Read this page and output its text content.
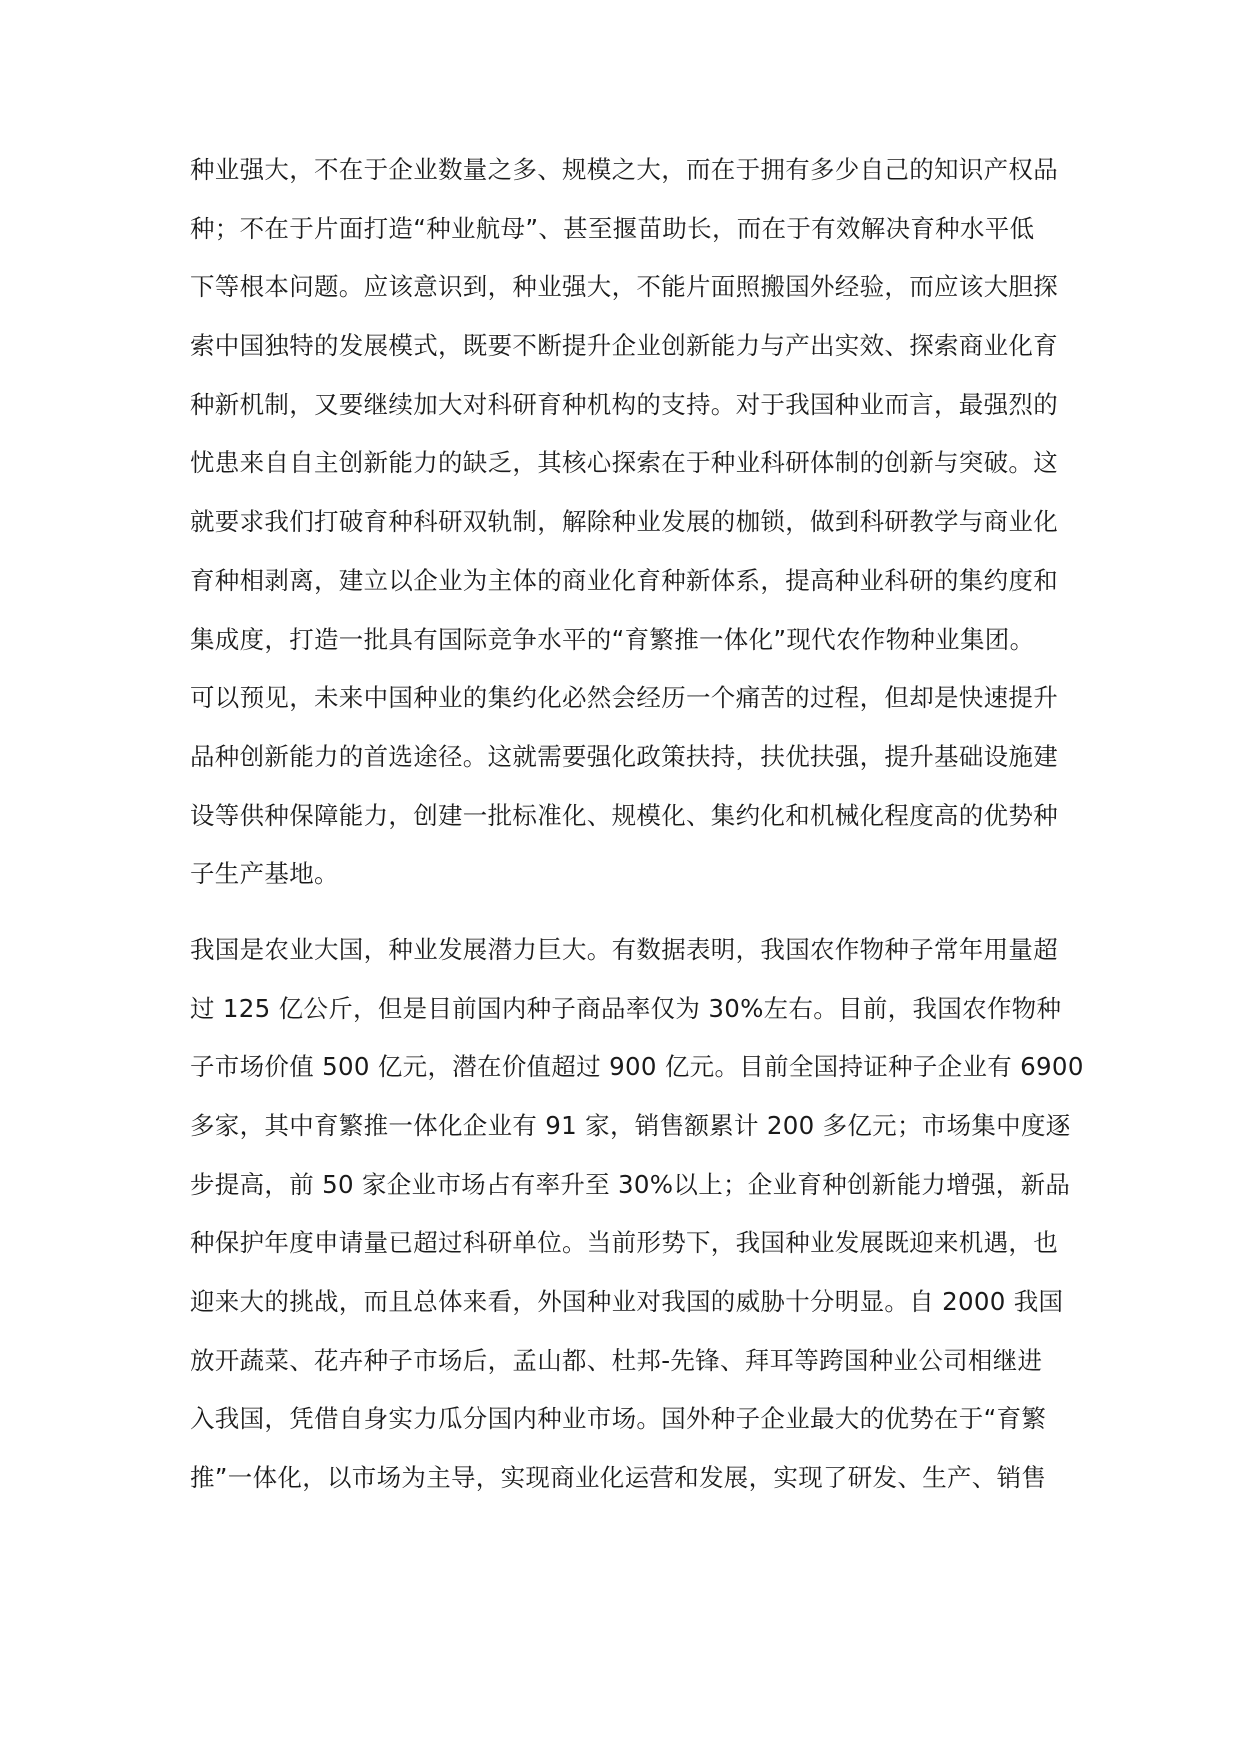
种业强大，不在于企业数量之多、规模之大，而在于拥有多少自己的知识产权品
种；不在于片面打造“种业航母”、甚至揠苗助长，而在于有效解决育种水平低
下等根本问题。应该意识到，种业强大，不能片面照搬国外经验，而应该大胆探
索中国独特的发展模式，既要不断提升企业创新能力与产出实效、探索商业化育
种新机制，又要继续加大对科研育种机构的支持。对于我国种业而言，最强烈的
忧患来自自主创新能力的缺乏，其核心探索在于种业科研体制的创新与突破。这
就要求我们打破育种科研双轨制，解除种业发展的枷锁，做到科研教学与商业化
育种相剥离，建立以企业为主体的商业化育种新体系，提高种业科研的集约度和
集成度，打造一批具有国际竞争水平的“育繁推一体化”现代农作物种业集团。
可以预见，未来中国种业的集约化必然会经历一个痛苦的过程，但却是快速提升
品种创新能力的首选途径。这就需要强化政策扶持，扶优扶强，提升基础设施建
设等供种保障能力，创建一批标准化、规模化、集约化和机械化程度高的优势种
子生产基地。

我国是农业大国，种业发展潜力巨大。有数据表明，我国农作物种子常年用量超
过 125 亿公斤，但是目前国内种子商品率仅为 30%左右。目前，我国农作物种
子市场价值 500 亿元，潜在价值超过 900 亿元。目前全国持证种子企业有 6900
多家，其中育繁推一体化企业有 91 家，销售额累计 200 多亿元；市场集中度逐
步提高，前 50 家企业市场占有率升至 30%以上；企业育种创新能力增强，新品
种保护年度申请量已超过科研单位。当前形势下，我国种业发展既迎来机遇，也
迎来大的挑战，而且总体来看，外国种业对我国的威胁十分明显。自 2000 我国
放开蔬菜、花卉种子市场后，孟山都、杜邦-先锋、拜耳等跨国种业公司相继进
入我国，凭借自身实力瓜分国内种业市场。国外种子企业最大的优势在于“育繁
推”一体化，以市场为主导，实现商业化运营和发展，实现了研发、生产、销售
